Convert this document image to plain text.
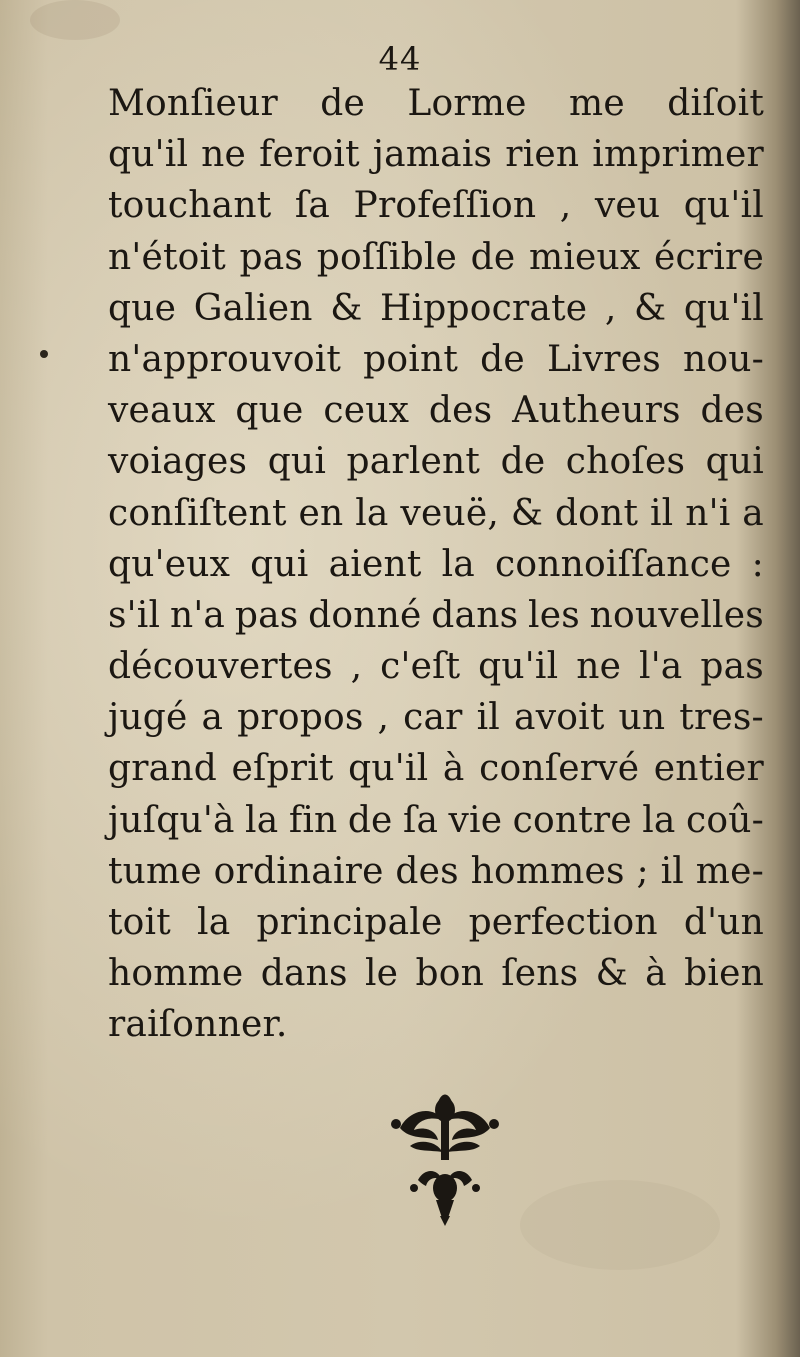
44
Monſieur de Lorme me diſoit
qu'il ne feroit jamais rien imprimer
touchant ſa Profeſſion , veu qu'il
n'étoit pas poſſible de mieux écrire
que Galien & Hippocrate , & qu'il
n'approuvoit point de Livres nou-
veaux que ceux des Autheurs des
voiages qui parlent de choſes qui
conſiſtent en la veuë, & dont il n'i a
qu'eux qui aient la connoiſſance :
s'il n'a pas donné dans les nouvelles
découvertes , c'eſt qu'il ne l'a pas
jugé a propos , car il avoit un tres-
grand eſprit qu'il à conſervé entier
juſqu'à la fin de ſa vie contre la coû-
tume ordinaire des hommes ; il me-
toit la principale perfection d'un
homme dans le bon ſens & à bien
raiſonner.
